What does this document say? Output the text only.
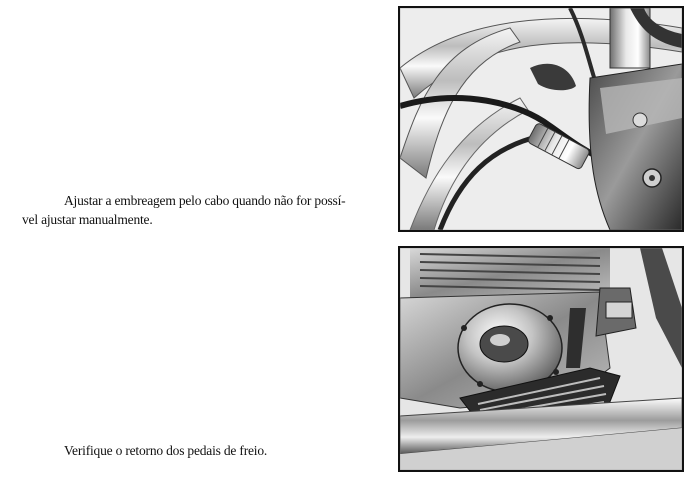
Ajustar a embreagem pelo cabo quando não for possí-
vel ajustar manualmente.
Verifique o retorno dos pedais de freio.
